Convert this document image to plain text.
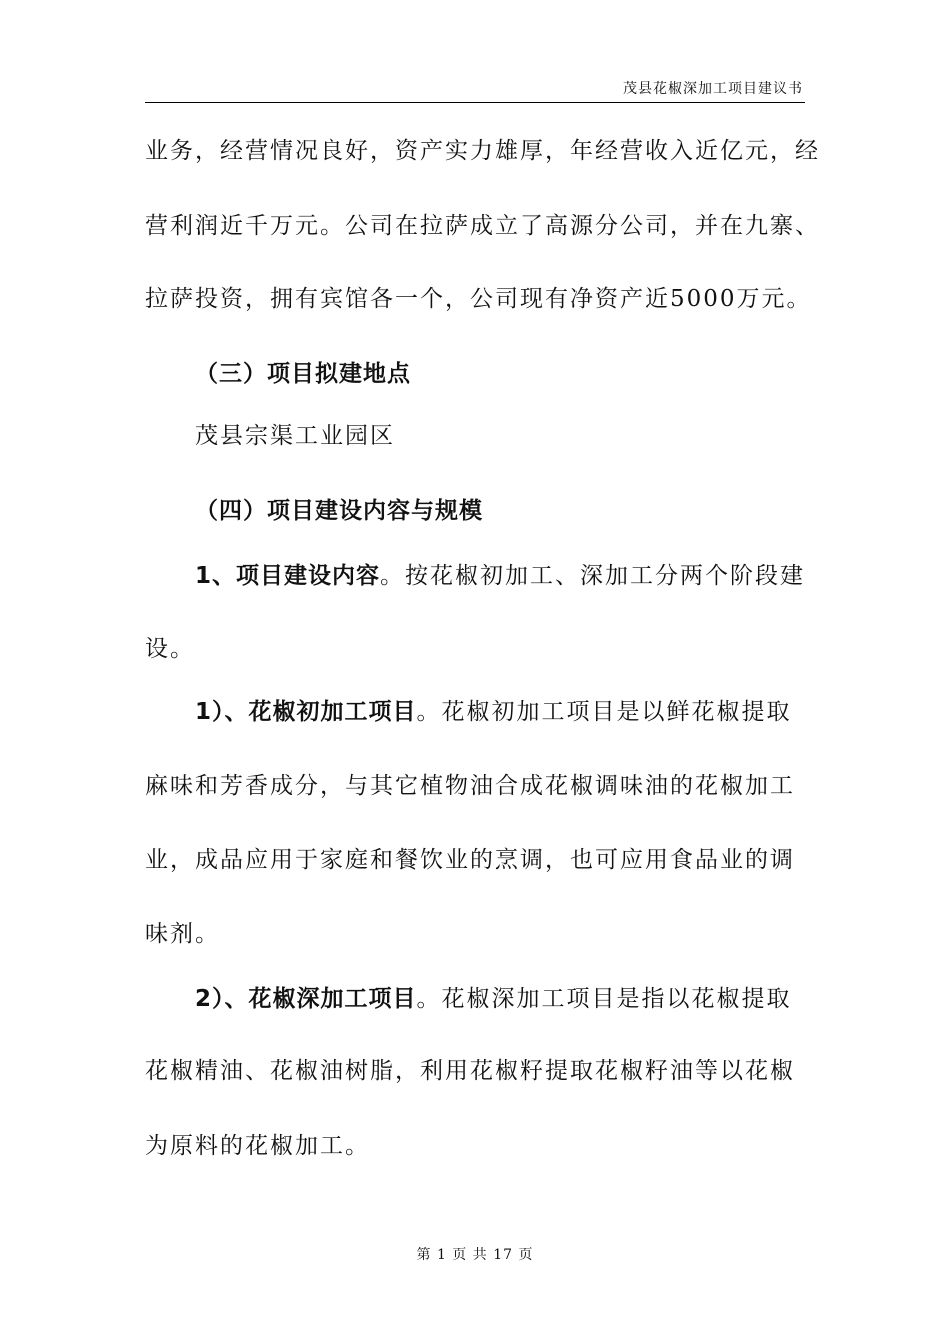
茂县花椒深加工项目建议书
业务，经营情况良好，资产实力雄厚，年经营收入近亿元，经
营利润近千万元。公司在拉萨成立了高源分公司，并在九寨、
拉萨投资，拥有宾馆各一个，公司现有净资产近5000万元。
（三）项目拟建地点
茂县宗渠工业园区
（四）项目建设内容与规模
1、项目建设内容。按花椒初加工、深加工分两个阶段建
设。
1）、花椒初加工项目。花椒初加工项目是以鲜花椒提取
麻味和芳香成分，与其它植物油合成花椒调味油的花椒加工
业，成品应用于家庭和餐饮业的烹调，也可应用食品业的调
味剂。
2）、花椒深加工项目。花椒深加工项目是指以花椒提取
花椒精油、花椒油树脂，利用花椒籽提取花椒籽油等以花椒
为原料的花椒加工。
第 1 页 共 17 页
